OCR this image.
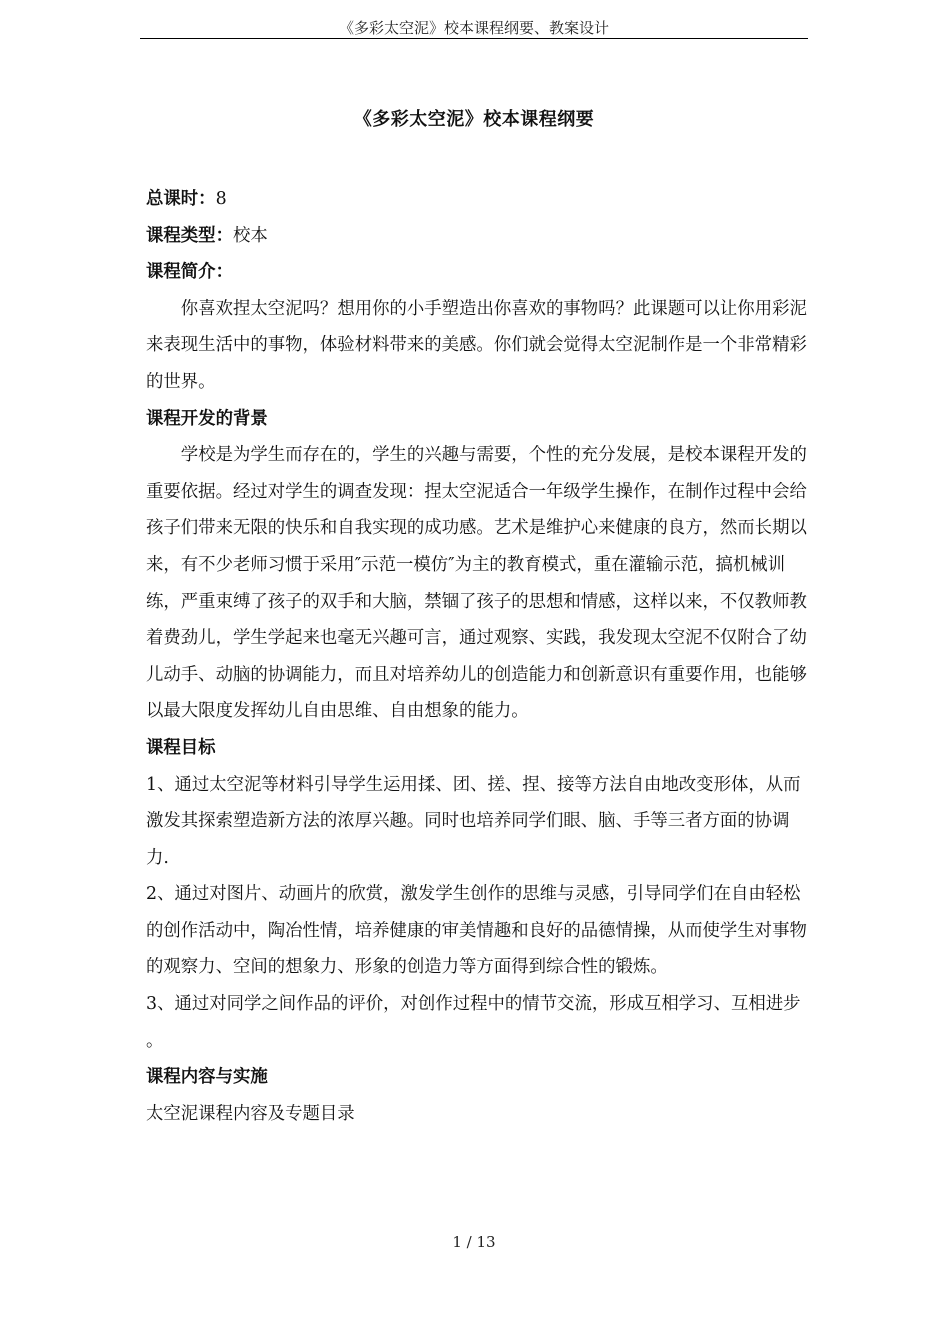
《多彩太空泥》校本课程纲要、教案设计
《多彩太空泥》校本课程纲要

总课时：8

课程类型：校本

课程简介：

你喜欢捏太空泥吗？想用你的小手塑造出你喜欢的事物吗？此课题可以让你用彩泥来表现生活中的事物，体验材料带来的美感。你们就会觉得太空泥制作是一个非常精彩的世界。

课程开发的背景

学校是为学生而存在的，学生的兴趣与需要，个性的充分发展，是校本课程开发的重要依据。经过对学生的调查发现：捏太空泥适合一年级学生操作，在制作过程中会给孩子们带来无限的快乐和自我实现的成功感。艺术是维护心来健康的良方，然而长期以来，有不少老师习惯于采用″示范一模仿″为主的教育模式，重在灌输示范，搞机械训练，严重束缚了孩子的双手和大脑，禁锢了孩子的思想和情感，这样以来，不仅教师教着费劲儿，学生学起来也毫无兴趣可言，通过观察、实践，我发现太空泥不仅附合了幼儿动手、动脑的协调能力，而且对培养幼儿的创造能力和创新意识有重要作用，也能够以最大限度发挥幼儿自由思维、自由想象的能力。

课程目标

1、通过太空泥等材料引导学生运用揉、团、搓、捏、接等方法自由地改变形体，从而激发其探索塑造新方法的浓厚兴趣。同时也培养同学们眼、脑、手等三者方面的协调力.

2、通过对图片、动画片的欣赏，激发学生创作的思维与灵感，引导同学们在自由轻松的创作活动中，陶冶性情，培养健康的审美情趣和良好的品德情操，从而使学生对事物的观察力、空间的想象力、形象的创造力等方面得到综合性的锻炼。

3、通过对同学之间作品的评价，对创作过程中的情节交流，形成互相学习、互相进步 。

课程内容与实施

太空泥课程内容及专题目录

1 / 13
